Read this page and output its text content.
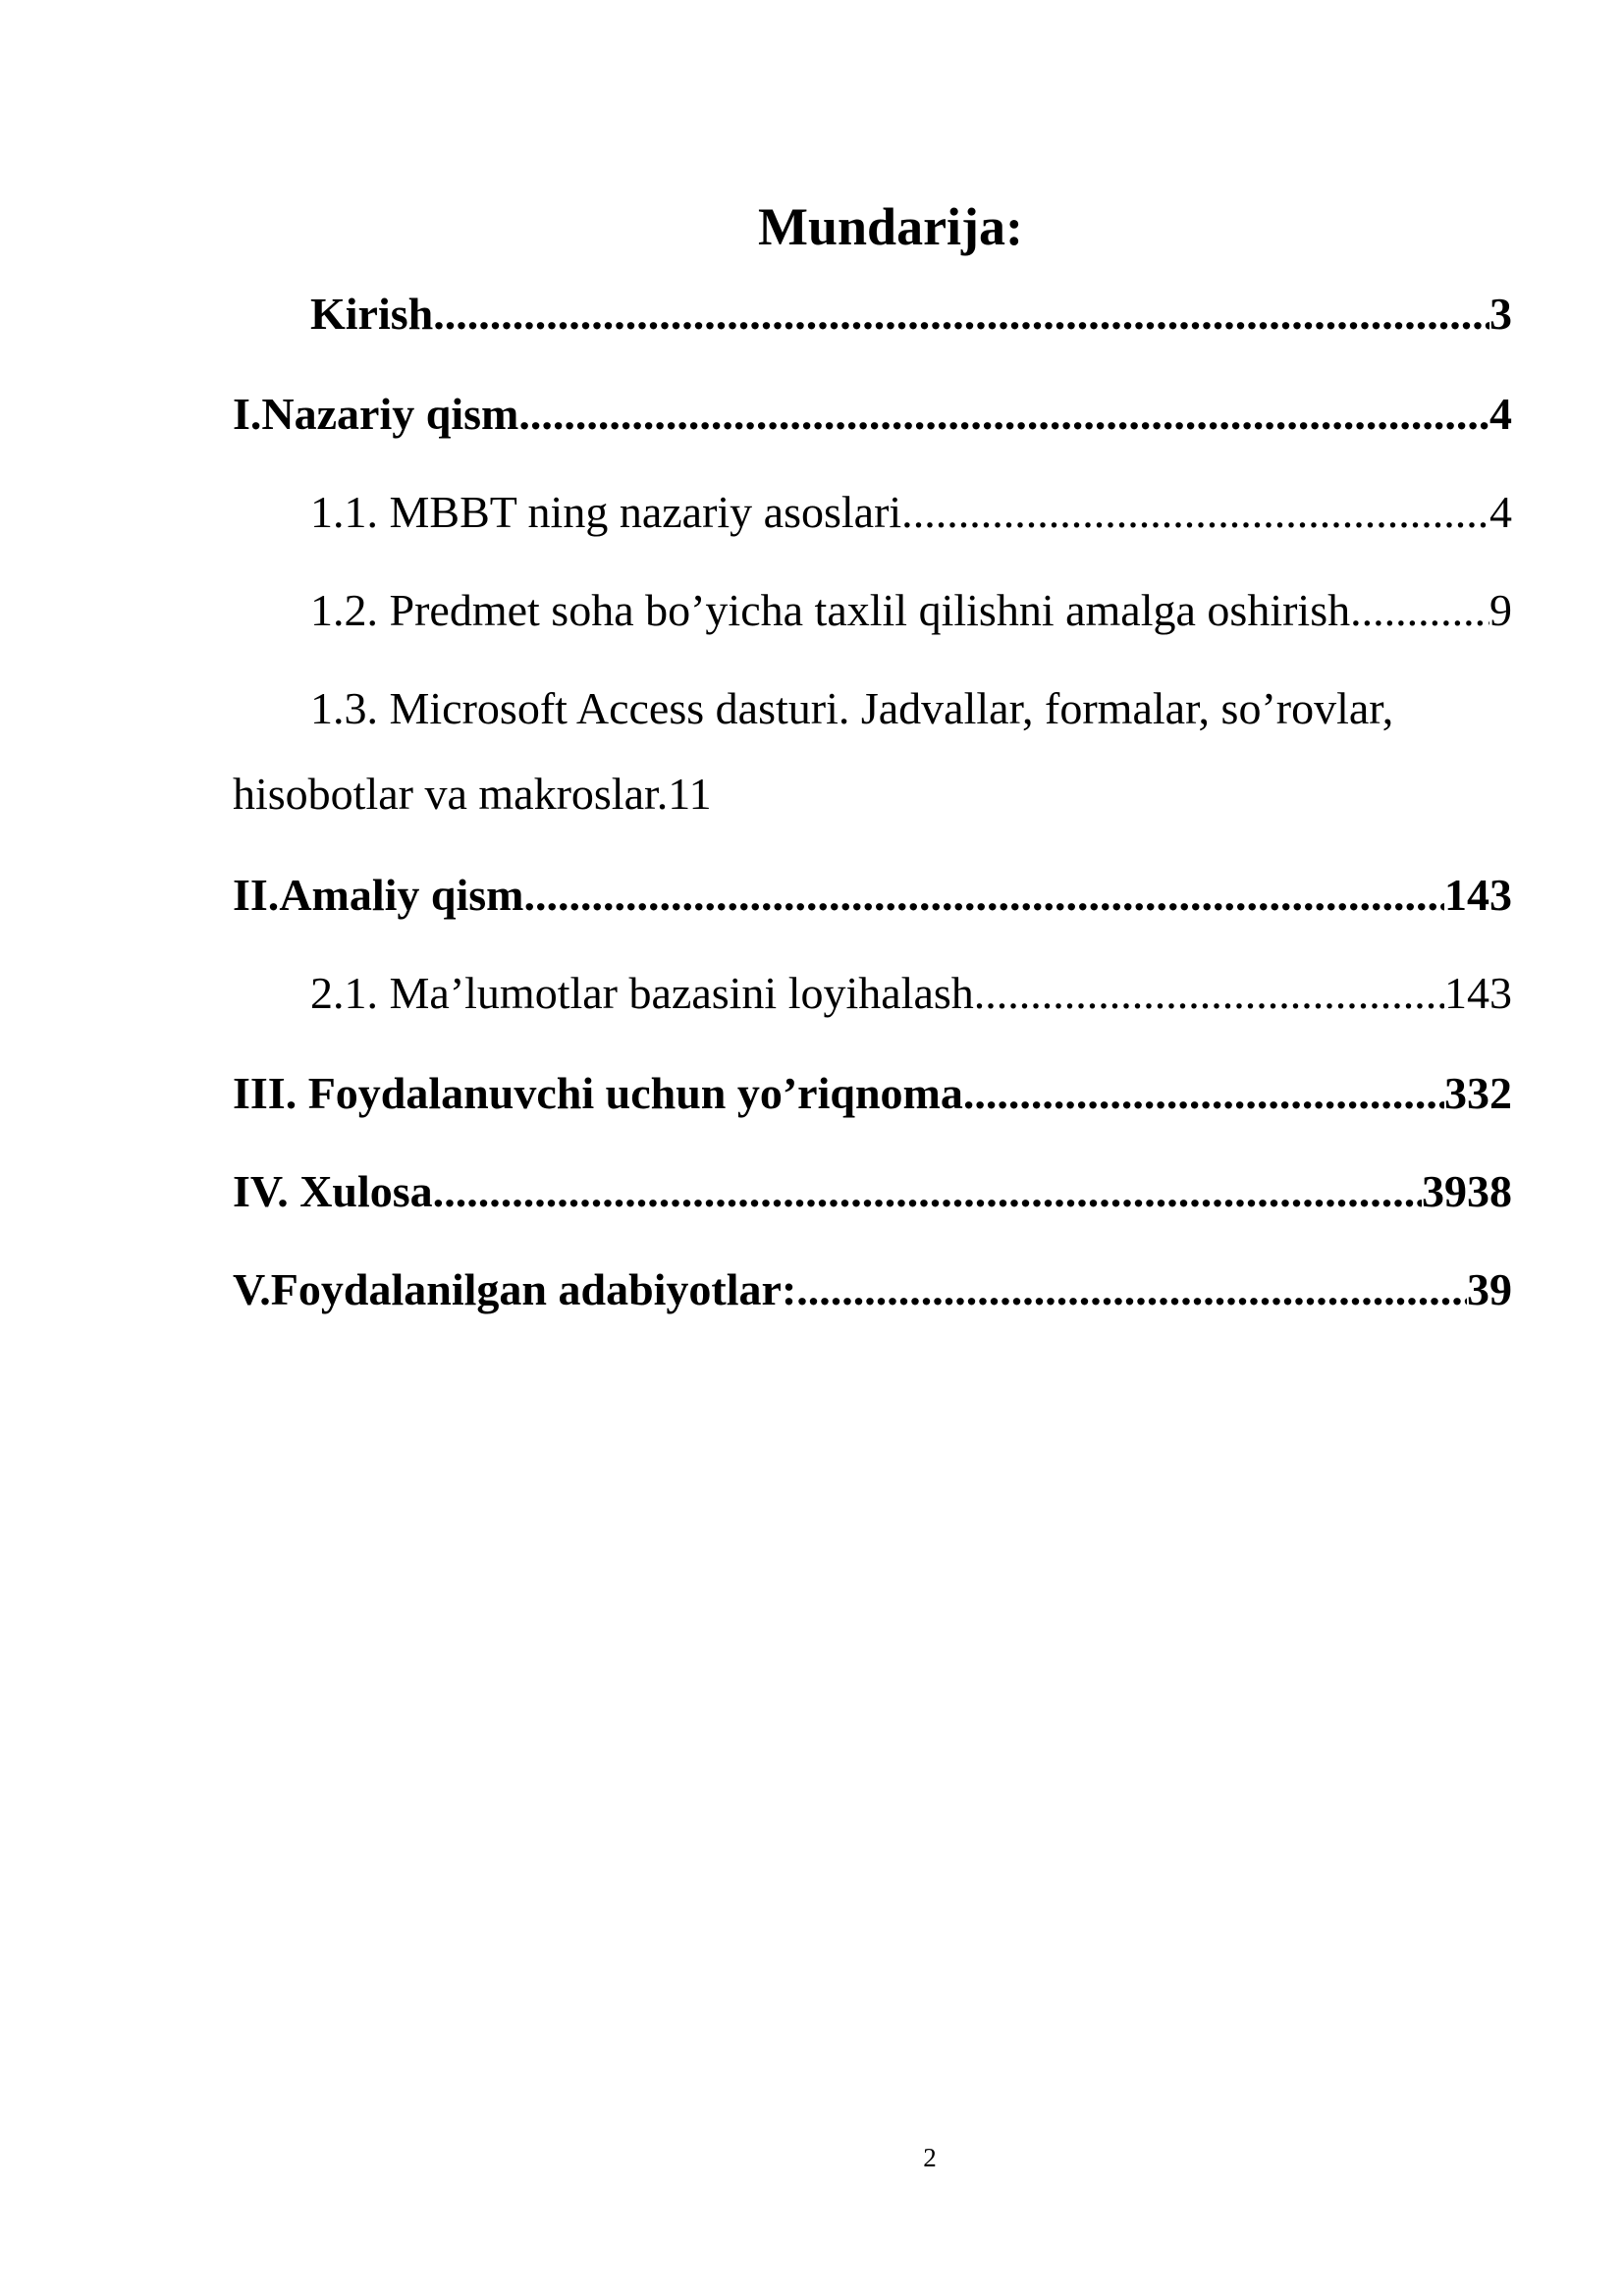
Mundarija:
Kirish .....	3
I. Nazariy qism. .....	4
1.1. MBBT ning nazariy asoslari. .....	4
1.2. Predmet soha bo’yicha taxlil qilishni amalga oshirish. .....	9
1.3. Microsoft Access dasturi. Jadvallar, formalar, so’rovlar,
hisobotlar va makroslar. 11
II. Amaliy qism. .....	143
2.1. Ma’lumotlar bazasini loyihalash. .....	143
III. Foydalanuvchi uchun yo’riqnoma. .....	332
IV. Xulosa. .....	3938
V. Foydalanilgan adabiyotlar: .....	39
2
